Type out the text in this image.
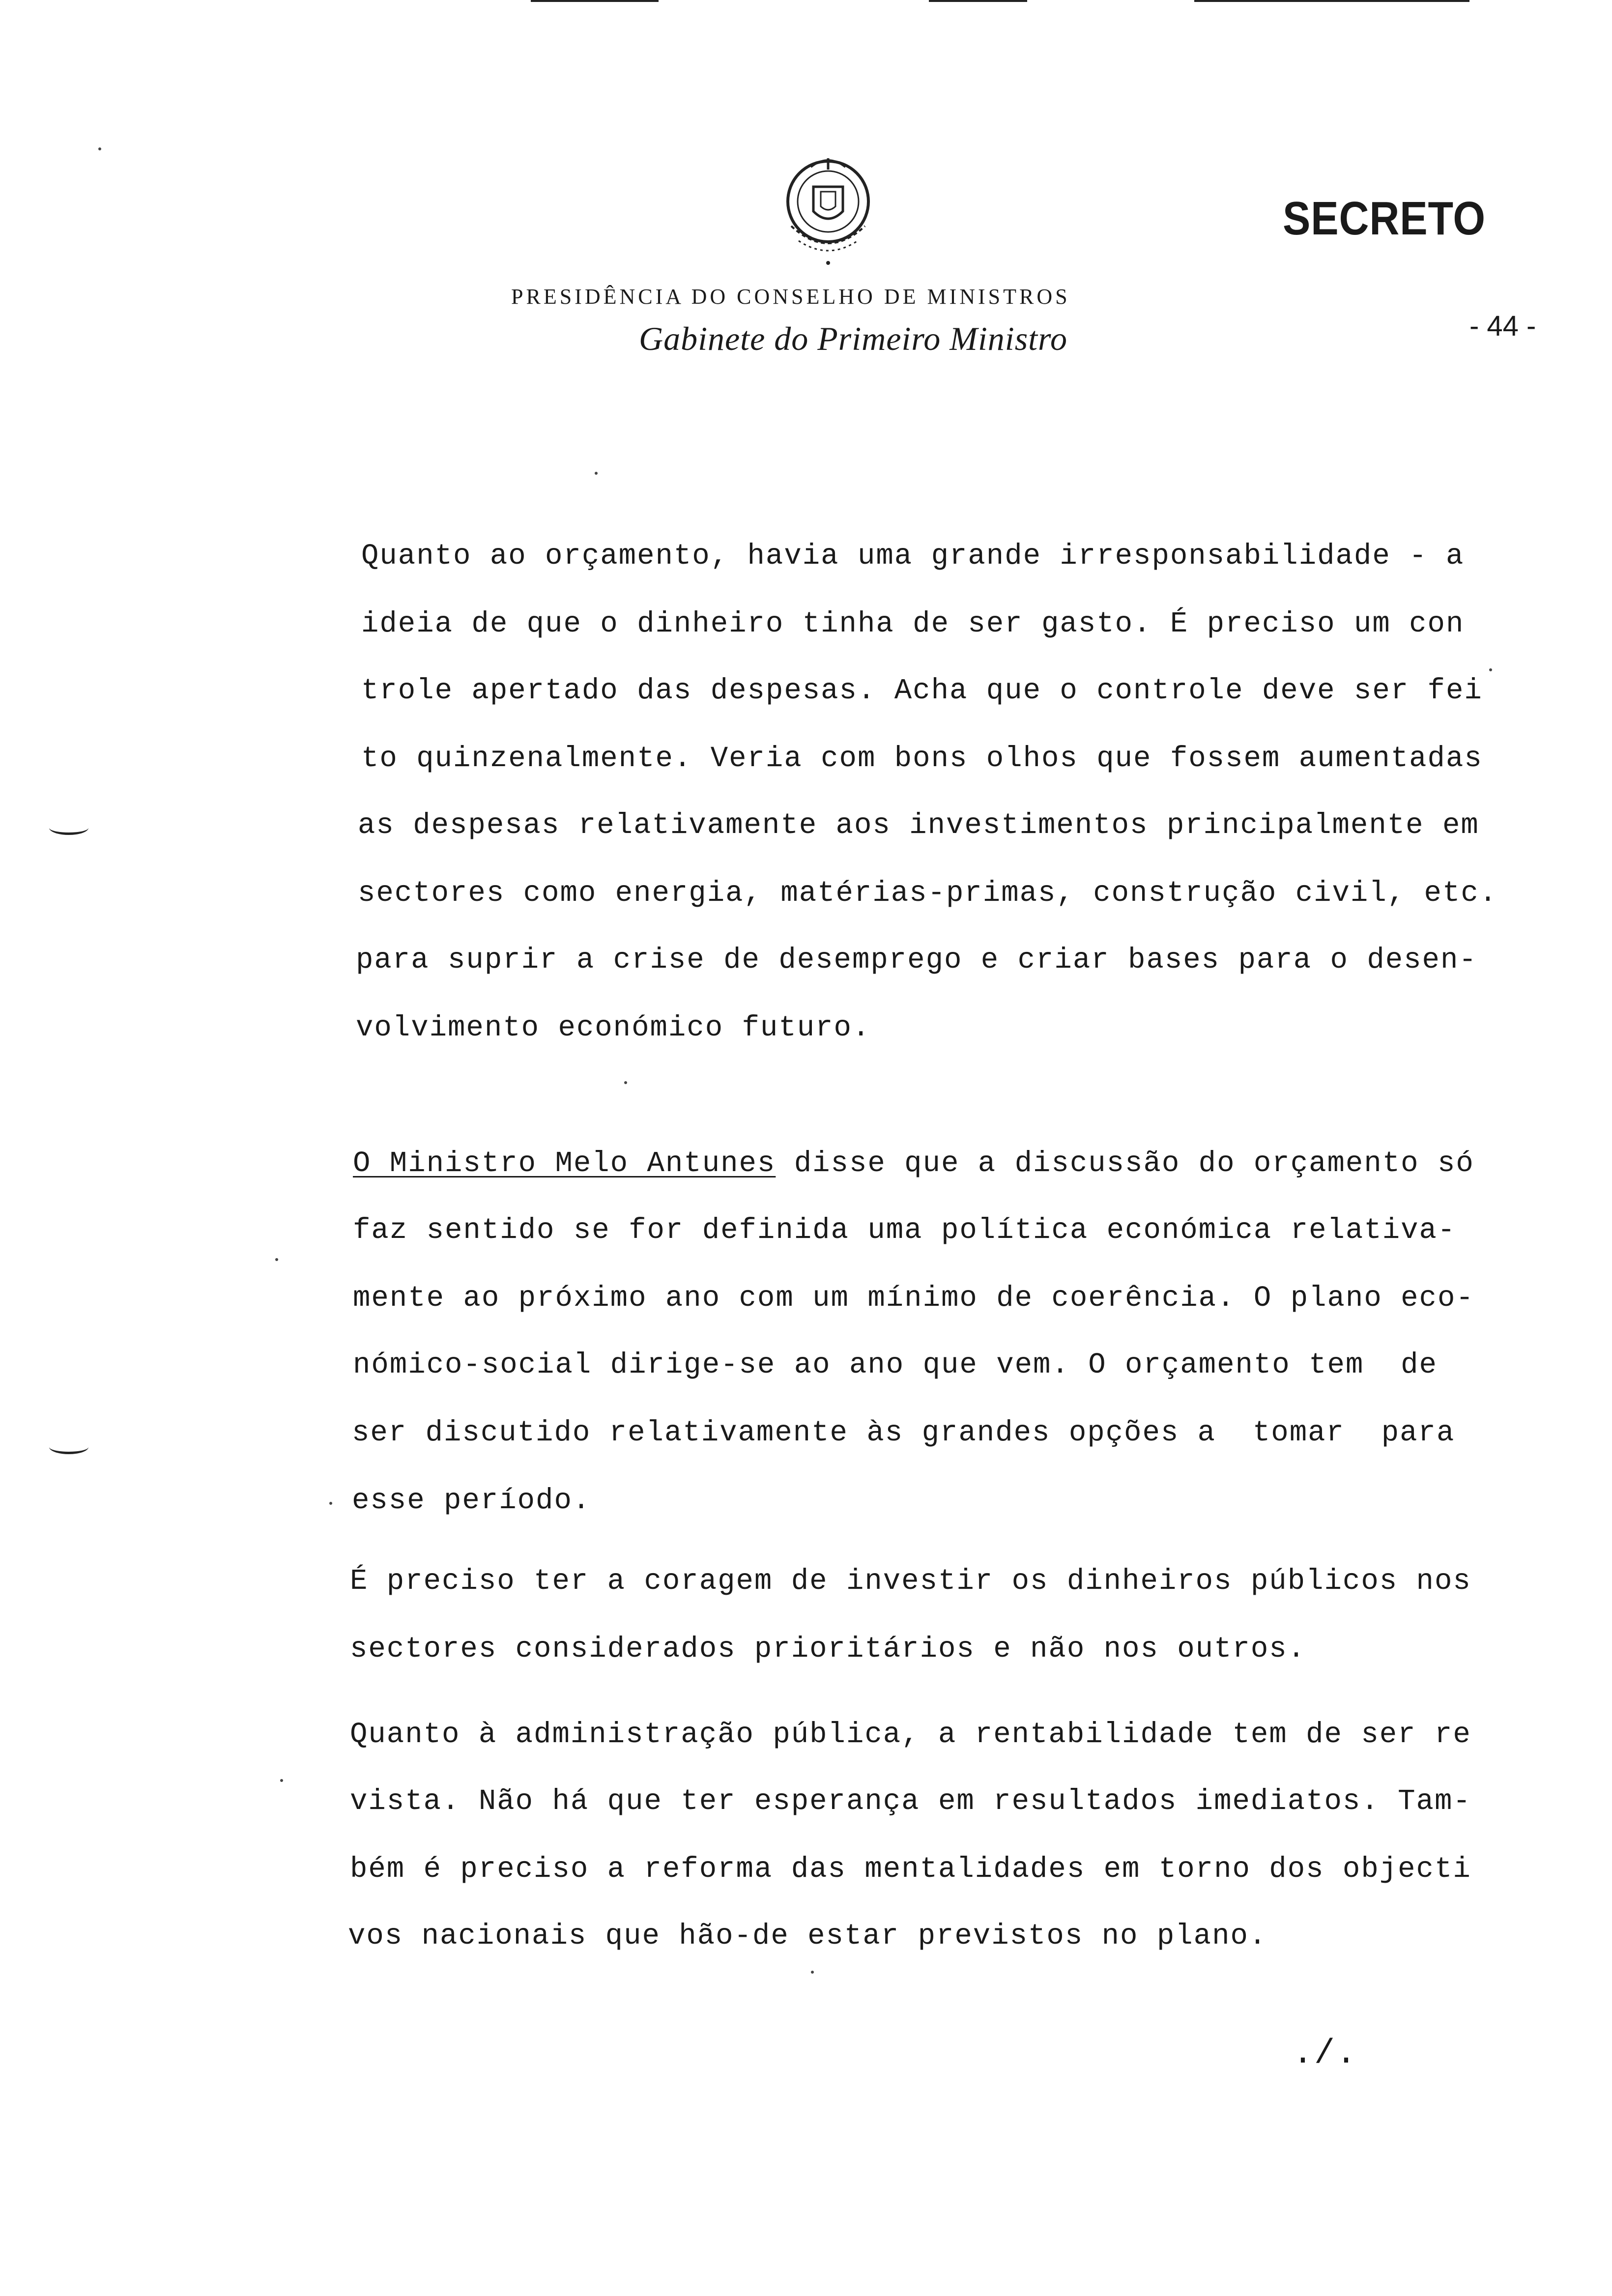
SECRETO
PRESIDÊNCIA DO CONSELHO DE MINISTROS
Gabinete do Primeiro Ministro	- 44 -
Quanto ao orçamento, havia uma grande irresponsabilidade - a
ideia de que o dinheiro tinha de ser gasto. É preciso um con
trole apertado das despesas. Acha que o controle deve ser fei
to quinzenalmente. Veria com bons olhos que fossem aumentadas
as despesas relativamente aos investimentos principalmente em
sectores como energia, matérias-primas, construção civil, etc.
para suprir a crise de desemprego e criar bases para o desen-
volvimento económico futuro.
O Ministro Melo Antunes disse que a discussão do orçamento só
faz sentido se for definida uma política económica relativa-
mente ao próximo ano com um mínimo de coerência. O plano eco-
nómico-social dirige-se ao ano que vem. O orçamento tem  de
ser discutido relativamente às grandes opções a  tomar  para
esse período.
É preciso ter a coragem de investir os dinheiros públicos nos
sectores considerados prioritários e não nos outros.
Quanto à administração pública, a rentabilidade tem de ser re
vista. Não há que ter esperança em resultados imediatos. Tam-
bém é preciso a reforma das mentalidades em torno dos objecti
vos nacionais que hão-de estar previstos no plano.
./.
